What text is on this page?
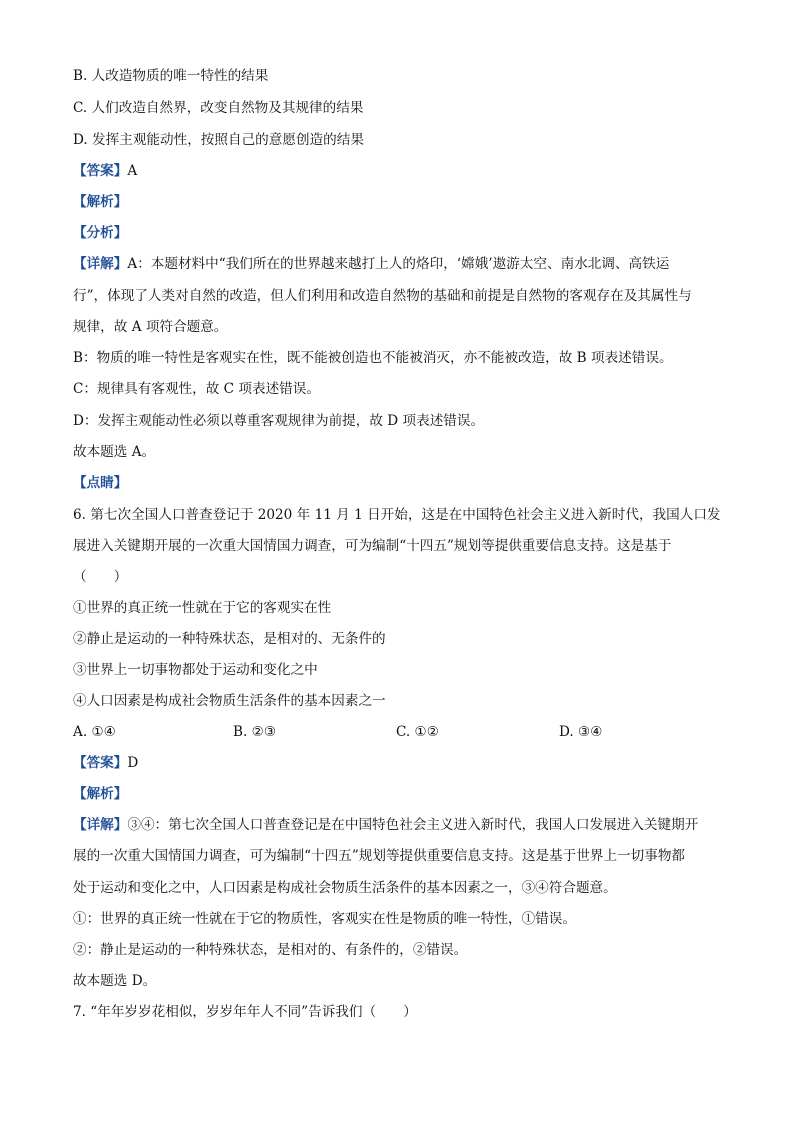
B. 人改造物质的唯一特性的结果
C. 人们改造自然界，改变自然物及其规律的结果
D. 发挥主观能动性，按照自己的意愿创造的结果
【答案】A
【解析】
【分析】
【详解】A：本题材料中“我们所在的世界越来越打上人的烙印，‘嫦娥’遨游太空、南水北调、高铁运
行”，体现了人类对自然的改造，但人们利用和改造自然物的基础和前提是自然物的客观存在及其属性与
规律，故 A 项符合题意。
B：物质的唯一特性是客观实在性，既不能被创造也不能被消灭，亦不能被改造，故 B 项表述错误。
C：规律具有客观性，故 C 项表述错误。
D：发挥主观能动性必须以尊重客观规律为前提，故 D 项表述错误。
故本题选 A。
【点睛】
6. 第七次全国人口普查登记于 2020 年 11 月 1 日开始，这是在中国特色社会主义进入新时代，我国人口发
展进入关键期开展的一次重大国情国力调查，可为编制“十四五”规划等提供重要信息支持。这是基于
（　　）
①世界的真正统一性就在于它的客观实在性
②静止是运动的一种特殊状态，是相对的、无条件的
③世界上一切事物都处于运动和变化之中
④人口因素是构成社会物质生活条件的基本因素之一
A. ①④	B. ②③	C. ①②	D. ③④
【答案】D
【解析】
【详解】③④：第七次全国人口普查登记是在中国特色社会主义进入新时代，我国人口发展进入关键期开
展的一次重大国情国力调查，可为编制“十四五”规划等提供重要信息支持。这是基于世界上一切事物都
处于运动和变化之中，人口因素是构成社会物质生活条件的基本因素之一，③④符合题意。
①：世界的真正统一性就在于它的物质性，客观实在性是物质的唯一特性，①错误。
②：静止是运动的一种特殊状态，是相对的、有条件的，②错误。
故本题选 D。
7. “年年岁岁花相似，岁岁年年人不同”告诉我们（　　）
